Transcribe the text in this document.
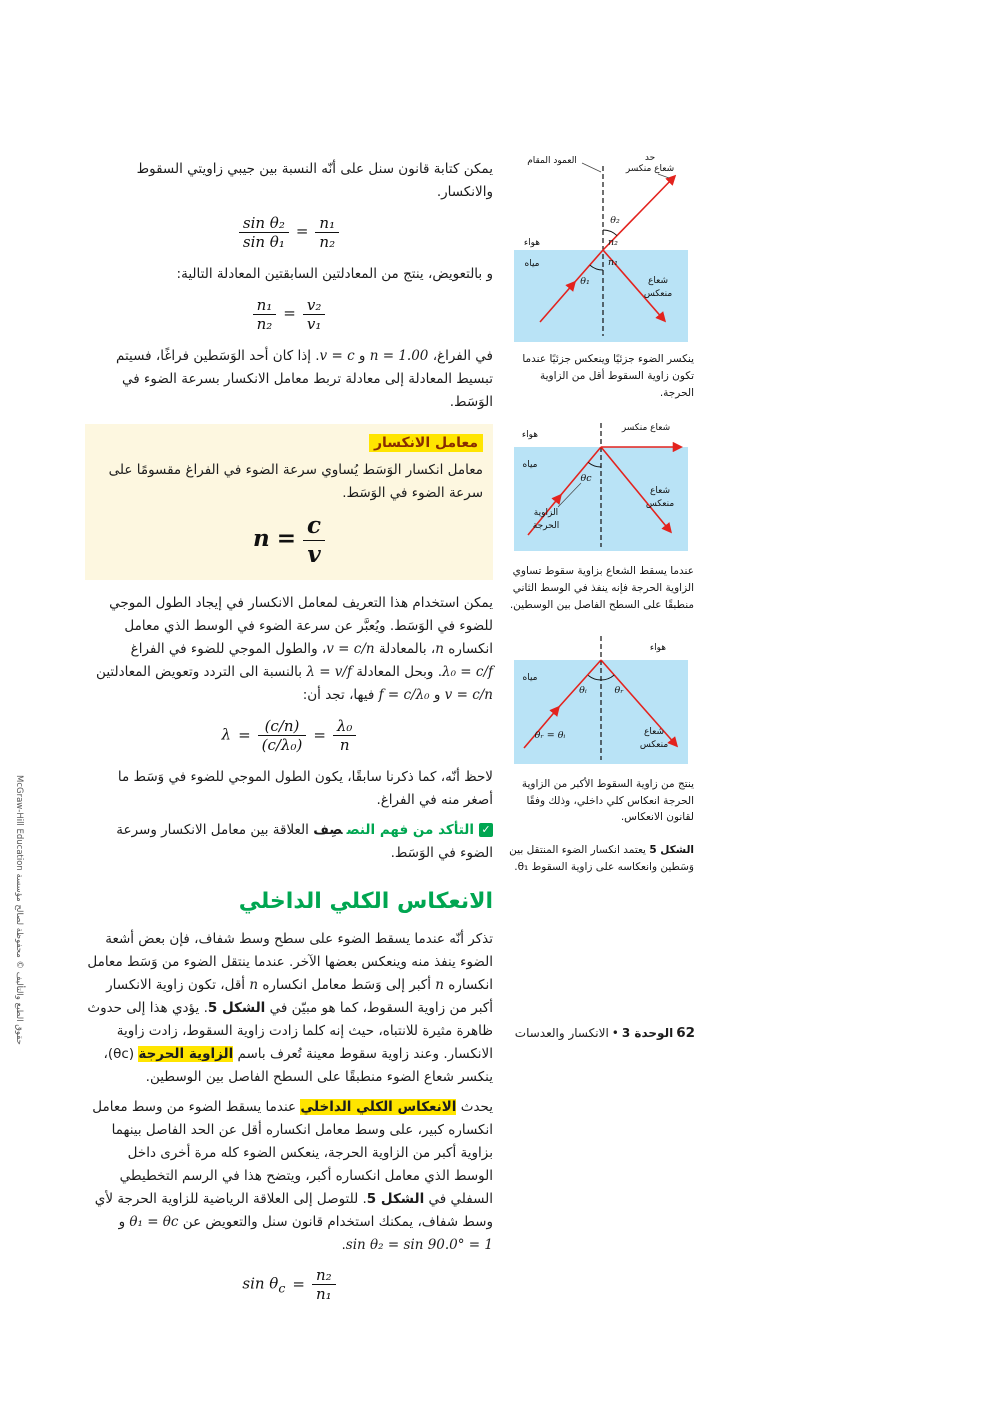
يمكن كتابة قانون سنل على أنّه النسبة بين جيبي زاويتي السقوط والانكسار.

$\frac{\text{sin θ₂}}{\text{sin θ₁}} = \frac{\text{n₁}}{\text{n₂}}$

و بالتعويض، ينتج من المعادلتين السابقتين المعادلة التالية:

$\frac{\text{n₁}}{\text{n₂}} = \frac{\text{v₂}}{\text{v₁}}$

في الفراغ، n = 1.00 و v = c. إذا كان أحد الوَسَطين فراغًا، فسيتم تبسيط المعادلة إلى معادلة تربط معامل الانكسار بسرعة الضوء في الوَسَط.

معامل الانكسار

معامل انكسار الوَسَط يُساوي سرعة الضوء في الفراغ مقسومًا على سرعة الضوء في الوَسَط.

$n = \frac{c}{v}$

يمكن استخدام هذا التعريف لمعامل الانكسار في إيجاد الطول الموجي للضوء في الوَسَط. ويُعبَّر عن سرعة الضوء في الوسط الذي معامل انكساره n، بالمعادلة v = c/n، والطول الموجي للضوء في الفراغ λ₀ = c/f. وبحل المعادلة λ = v/f بالنسبة الى التردد وتعويض المعادلتين v = c/n و f = c/λ₀ فيها، تجد أن:

$\lambda = \frac{(c/n)}{\text{(c/λ₀)}} = \frac{\text{λ₀}}{n}$

لاحظ أنّه، كما ذكرنا سابقًا، يكون الطول الموجي للضوء في وَسَط ما أصغر منه في الفراغ.

✓التأكد من فهم النصصِف العلاقة بين معامل الانكسار وسرعة الضوء في الوَسَط.

الانعكاس الكلي الداخلي

تذكر أنّه عندما يسقط الضوء على سطح وسط شفاف، فإن بعض أشعة الضوء ينفذ منه وينعكس بعضها الآخر. عندما ينتقل الضوء من وَسَط معامل انكساره n أكبر إلى وَسَط معامل انكساره n أقل، تكون زاوية الانكسار أكبر من زاوية السقوط، كما هو مبيّن في الشكل 5. يؤدي هذا إلى حدوث ظاهرة مثيرة للانتباه، حيث إنه كلما زادت زاوية السقوط، زادت زاوية الانكسار. وعند زاوية سقوط معينة تُعرف باسم الزاوية الحرجة (θc)، ينكسر شعاع الضوء منطبقًا على السطح الفاصل بين الوسطين.

يحدث الانعكاس الكلي الداخلي عندما يسقط الضوء من وسط معامل انكساره كبير، على وسط معامل انكساره أقل عن الحد الفاصل بينهما بزاوية أكبر من الزاوية الحرجة، ينعكس الضوء كله مرة أخرى داخل الوسط الذي معامل انكساره أكبر، ويتضح هذا في الرسم التخطيطي السفلي في الشكل 5. للتوصل إلى العلاقة الرياضية للزاوية الحرجة لأي وسط شفاف، يمكنك استخدام قانون سنل والتعويض عن θ₁ = θc و sin θ₂ = sin 90.0° = 1.

$\sin \theta_c = \frac{\text{n₂}}{\text{n₁}}$
العمود المقام	حد
شعاع منكسر
θ₂
n₂
n₁
هواء
مياه
θ₁	شعاع
منعكس

ينكسر الضوء جزئيًا وينعكس جزئيًا عندما تكون زاوية السقوط أقل من الزاوية الحرجة.

شعاع منكسر
هواء
مياه
θc
الزاوية
الحرجة
شعاع
منعكس

عندما يسقط الشعاع بزاوية سقوط تساوي الزاوية الحرجة فإنه ينفذ في الوسط الثاني منطبقًا على السطح الفاصل بين الوسطين.

هواء
مياه
θᵢ	θᵣ
θᵣ = θᵢ	شعاع
منعكس

ينتج من زاوية السقوط الأكبر من الزاوية الحرجة انعكاس كلي داخلي، وذلك وفقًا لقانون الانعكاس.

الشكل 5 يعتمد انكسار الضوء المنتقل بين وَسَطين وانعكاسه على زاوية السقوط θ₁.

62الوحدة 3•الانكسار والعدسات
حقوق الطبع والتأليف © محفوظة لصالح مؤسسة McGraw-Hill Education
